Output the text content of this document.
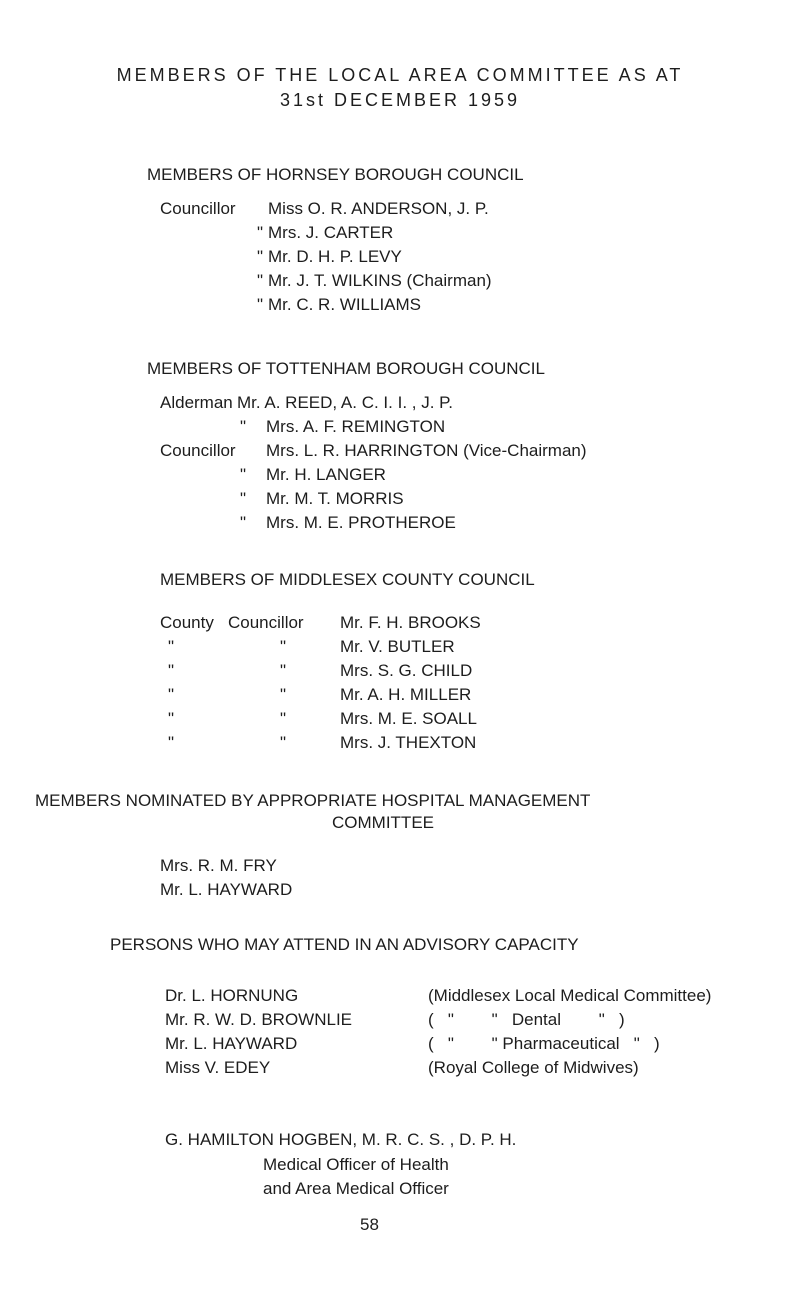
MEMBERS OF THE LOCAL AREA COMMITTEE AS AT
31st DECEMBER 1959
MEMBERS OF HORNSEY BOROUGH COUNCIL
Councillor Miss O. R. ANDERSON, J. P.
" Mrs. J. CARTER
" Mr. D. H. P. LEVY
" Mr. J. T. WILKINS (Chairman)
" Mr. C. R. WILLIAMS
MEMBERS OF TOTTENHAM BOROUGH COUNCIL
Alderman Mr. A. REED, A. C. I. I. , J. P.
" Mrs. A. F. REMINGTON
Councillor Mrs. L. R. HARRINGTON (Vice-Chairman)
" Mr. H. LANGER
" Mr. M. T. MORRIS
" Mrs. M. E. PROTHEROE
MEMBERS OF MIDDLESEX COUNTY COUNCIL
County Councillor Mr. F. H. BROOKS
"	"	Mr. V. BUTLER
"	"	Mrs. S. G. CHILD
"	"	Mr. A. H. MILLER
"	"	Mrs. M. E. SOALL
"	"	Mrs. J. THEXTON
MEMBERS NOMINATED BY APPROPRIATE HOSPITAL MANAGEMENT
COMMITTEE
Mrs. R. M. FRY
Mr. L. HAYWARD
PERSONS WHO MAY ATTEND IN AN ADVISORY CAPACITY
Dr. L. HORNUNG	(Middlesex Local Medical Committee)
Mr. R. W. D. BROWNLIE	(   "        "   Dental        "   )
Mr. L. HAYWARD	(   "        " Pharmaceutical   "   )
Miss V. EDEY	(Royal College of Midwives)
G. HAMILTON HOGBEN, M. R. C. S. , D. P. H.
Medical Officer of Health
and Area Medical Officer
58
